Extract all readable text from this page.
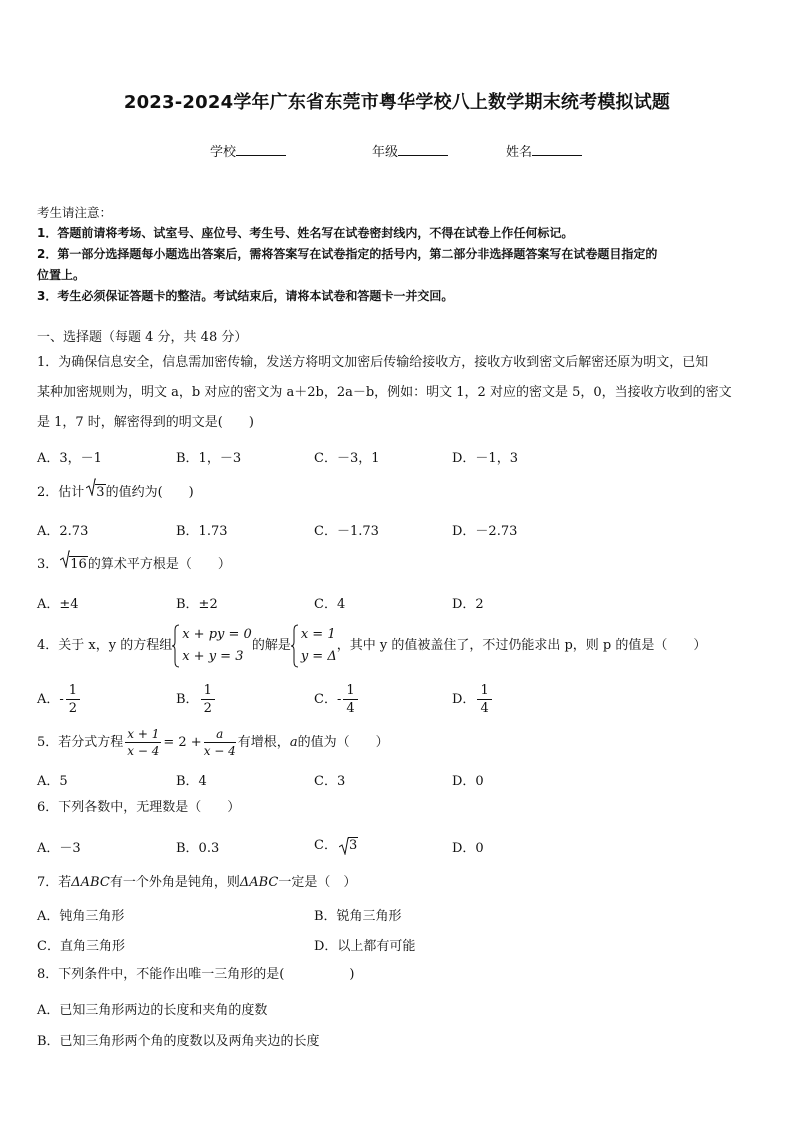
2023-2024学年广东省东莞市粤华学校八上数学期末统考模拟试题
学校	年级	姓名
考生请注意：
1．答题前请将考场、试室号、座位号、考生号、姓名写在试卷密封线内，不得在试卷上作任何标记。
2．第一部分选择题每小题选出答案后，需将答案写在试卷指定的括号内，第二部分非选择题答案写在试卷题目指定的
位置上。
3．考生必须保证答题卡的整洁。考试结束后，请将本试卷和答题卡一并交回。
一、选择题（每题 4 分，共 48 分）
1．为确保信息安全，信息需加密传输，发送方将明文加密后传输给接收方，接收方收到密文后解密还原为明文，已知
某种加密规则为，明文 a，b 对应的密文为 a＋2b，2a－b，例如：明文 1，2 对应的密文是 5，0，当接收方收到的密文
是 1，7 时，解密得到的明文是(　　)
A．3，－1	B．1，－3	C．－3，1	D．－1，3
2．估计 3的值约为(　　)
A．2.73	B．1.73	C．－1.73	D．－2.73
3． 16的算术平方根是（　　）
A．±4	B．±2	C．4	D．2
4．关于 x，y 的方程组
x + py = 0
x + y = 3
的解是
x = 1
y = Δ
，其中 y 的值被盖住了，不过仍能求出 p，则 p 的值是（　　）
A．- $\frac{1}{2}$	B． $\frac{1}{2}$	C．- $\frac{1}{4}$	D． $\frac{1}{4}$
5．若分式方程 $\frac{x + 1}{x - 4} = 2 + \frac{a}{x - 4}$ 有增根，a的值为（　　）
A．5	B．4	C．3	D．0
6．下列各数中，无理数是（　　）
A．－3	B．0.3	C． 3	D．0
7．若ΔABC有一个外角是钝角，则ΔABC一定是（　）
A．钝角三角形	B．锐角三角形
C．直角三角形	D．以上都有可能
8．下列条件中，不能作出唯一三角形的是(　　　　　)
A．已知三角形两边的长度和夹角的度数
B．已知三角形两个角的度数以及两角夹边的长度
